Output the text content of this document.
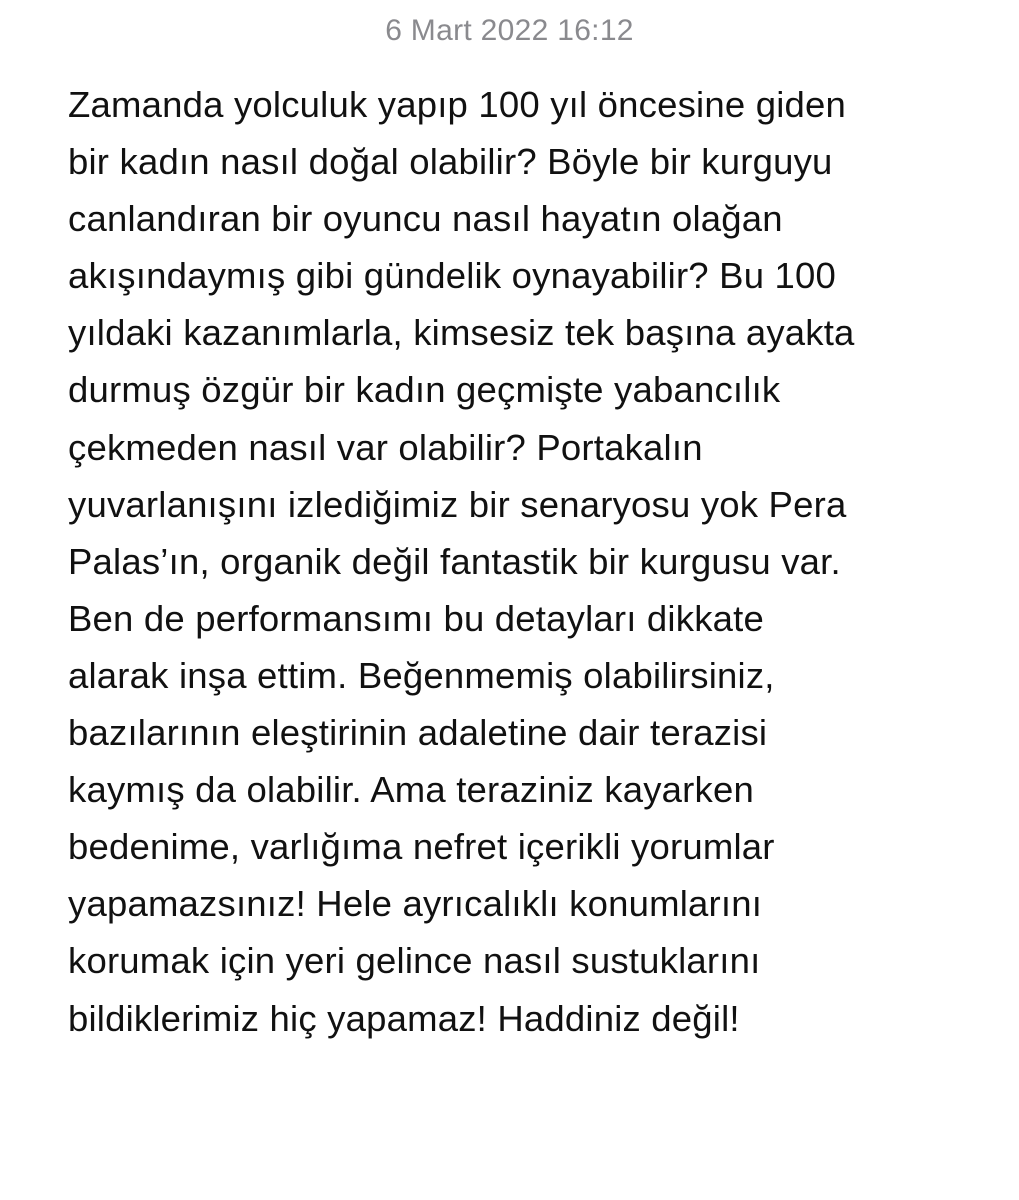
6 Mart 2022 16:12
Zamanda yolculuk yapıp 100 yıl öncesine giden
bir kadın nasıl doğal olabilir? Böyle bir kurguyu
canlandıran bir oyuncu nasıl hayatın olağan
akışındaymış gibi gündelik oynayabilir? Bu 100
yıldaki kazanımlarla, kimsesiz tek başına ayakta
durmuş özgür bir kadın geçmişte yabancılık
çekmeden nasıl var olabilir? Portakalın
yuvarlanışını izlediğimiz bir senaryosu yok Pera
Palas’ın, organik değil fantastik bir kurgusu var.
Ben de performansımı bu detayları dikkate
alarak inşa ettim. Beğenmemiş olabilirsiniz,
bazılarının eleştirinin adaletine dair terazisi
kaymış da olabilir. Ama teraziniz kayarken
bedenime, varlığıma nefret içerikli yorumlar
yapamazsınız! Hele ayrıcalıklı konumlarını
korumak için yeri gelince nasıl sustuklarını
bildiklerimiz hiç yapamaz! Haddiniz değil!
